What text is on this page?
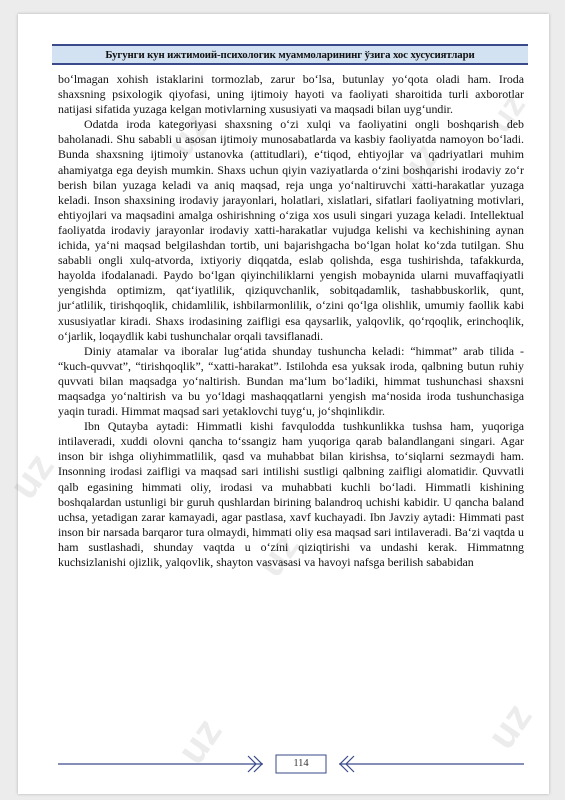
uz
uz
uz	uz
uz
uz
uz
Бугунги кун ижтимоий-психологик муаммоларининг ўзига хос хусусиятлари

bo‘lmagan xohish istaklarini tormozlab, zarur bo‘lsa, butunlay yo‘qota oladi ham. Iroda shaxsning psixologik qiyofasi, uning ijtimoiy hayoti va faoliyati sharoitida turli axborotlar natijasi sifatida yuzaga kelgan motivlarning xususiyati va maqsadi bilan uyg‘undir.

Odatda iroda kategoriyasi shaxsning o‘zi xulqi va faoliyatini ongli boshqarish deb baholanadi. Shu sababli u asosan ijtimoiy munosabatlarda va kasbiy faoliyatda namoyon bo‘ladi. Bunda shaxsning ijtimoiy ustanovka (attitudlari), e‘tiqod, ehtiyojlar va qadriyatlari muhim ahamiyatga ega deyish mumkin. Shaxs uchun qiyin vaziyatlarda o‘zini boshqarishi irodaviy zo‘r berish bilan yuzaga keladi va aniq maqsad, reja unga yo‘naltiruvchi xatti-harakatlar yuzaga keladi. Inson shaxsining irodaviy jarayonlari, holatlari, xislatlari, sifatlari faoliyatning motivlari, ehtiyojlari va maqsadini amalga oshirishning o‘ziga xos usuli singari yuzaga keladi. Intellektual faoliyatda irodaviy jarayonlar irodaviy xatti-harakatlar vujudga kelishi va kechishining aynan ichida, ya‘ni maqsad belgilashdan tortib, uni bajarishgacha bo‘lgan holat ko‘zda tutilgan. Shu sababli ongli xulq-atvorda, ixtiyoriy diqqatda, eslab qolishda, esga tushirishda, tafakkurda, hayolda ifodalanadi. Paydo bo‘lgan qiyinchiliklarni yengish mobaynida ularni muvaffaqiyatli yengishda optimizm, qat‘iyatlilik, qiziquvchanlik, sobitqadamlik, tashabbuskorlik, qunt, jur‘atlilik, tirishqoqlik, chidamlilik, ishbilarmonlilik, o‘zini qo‘lga olishlik, umumiy faollik kabi xususiyatlar kiradi. Shaxs irodasining zaifligi esa qaysarlik, yalqovlik, qo‘rqoqlik, erinchoqlik, o‘jarlik, loqaydlik kabi tushunchalar orqali tavsiflanadi.

Diniy atamalar va iboralar lug‘atida shunday tushuncha keladi: “himmat” arab tilida - “kuch-quvvat”, “tirishqoqlik”, “xatti-harakat”. Istilohda esa yuksak iroda, qalbning butun ruhiy quvvati bilan maqsadga yo‘naltirish. Bundan ma‘lum bo‘ladiki, himmat tushunchasi shaxsni maqsadga yo‘naltirish va bu yo‘ldagi mashaqqatlarni yengish ma‘nosida iroda tushunchasiga yaqin turadi. Himmat maqsad sari yetaklovchi tuyg‘u, jo‘shqinlikdir.

Ibn Qutayba aytadi: Himmatli kishi favqulodda tushkunlikka tushsa ham, yuqoriga intilaveradi, xuddi olovni qancha to‘ssangiz ham yuqoriga qarab balandlangani singari. Agar inson bir ishga oliyhimmatlilik, qasd va muhabbat bilan kirishsa, to‘siqlarni sezmaydi ham. Insonning irodasi zaifligi va maqsad sari intilishi sustligi qalbning zaifligi alomatidir. Quvvatli qalb egasining himmati oliy, irodasi va muhabbati kuchli bo‘ladi. Himmatli kishining boshqalardan ustunligi bir guruh qushlardan birining balandroq uchishi kabidir. U qancha baland uchsa, yetadigan zarar kamayadi, agar pastlasa, xavf kuchayadi. Ibn Javziy aytadi: Himmati past inson bir narsada barqaror tura olmaydi, himmati oliy esa maqsad sari intilaveradi. Ba‘zi vaqtda u ham sustlashadi, shunday vaqtda u o‘zini qiziqtirishi va undashi kerak. Himmatnng kuchsizlanishi ojizlik, yalqovlik, shayton vasvasasi va havoyi nafsga berilish sababidan

114
